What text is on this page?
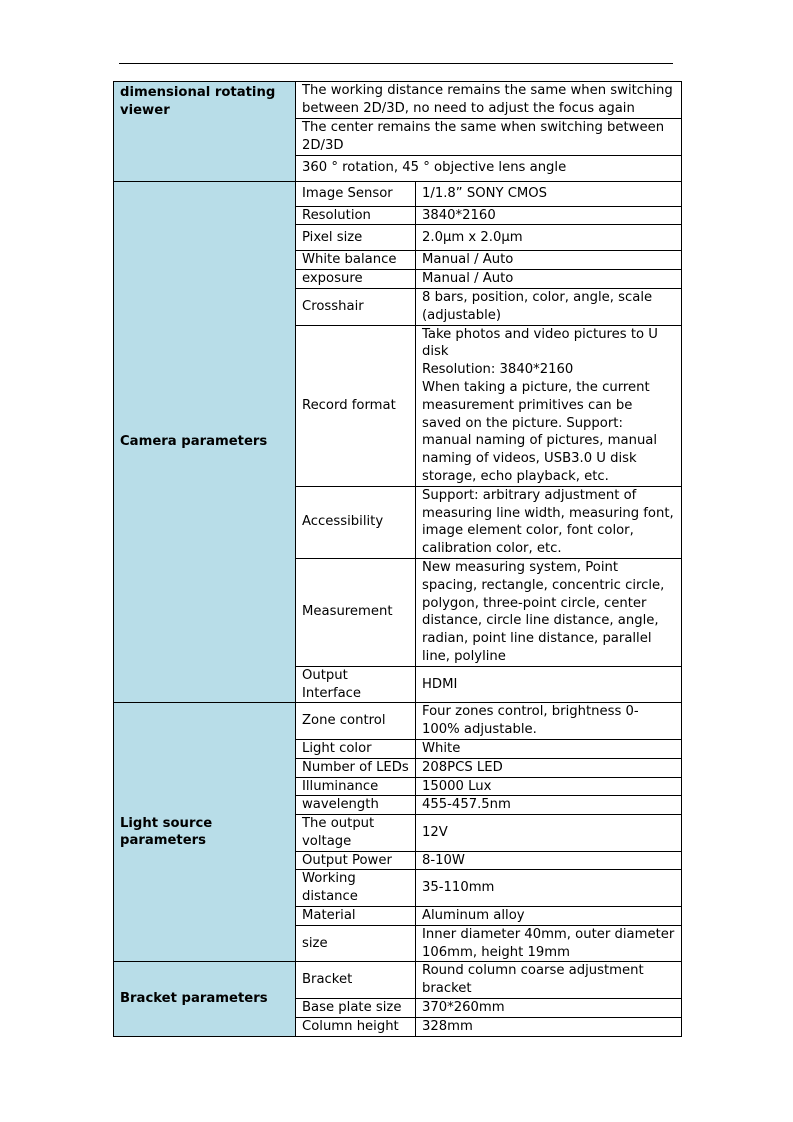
dimensional rotating viewer	The working distance remains the same when switching between 2D/3D, no need to adjust the focus again	
	The center remains the same when switching between 2D/3D	
	360 ° rotation, 45 ° objective lens angle	
Camera parameters	Image Sensor	1/1.8” SONY CMOS
	Resolution	3840*2160
	Pixel size	2.0μm x 2.0μm
	White balance	Manual / Auto
	exposure	Manual / Auto
	Crosshair	8 bars, position, color, angle, scale (adjustable)
	Record format	Take photos and video pictures to U disk
Resolution: 3840*2160
When taking a picture, the current measurement primitives can be saved on the picture. Support: manual naming of pictures, manual naming of videos, USB3.0 U disk storage, echo playback, etc.
	Accessibility	Support: arbitrary adjustment of measuring line width, measuring font, image element color, font color, calibration color, etc.
	Measurement	New measuring system, Point spacing, rectangle, concentric circle, polygon, three-point circle, center distance, circle line distance, angle, radian, point line distance, parallel line, polyline
	Output Interface	HDMI
Light source parameters	Zone control	Four zones control, brightness 0-100% adjustable.
	Light color	White
	Number of LEDs	208PCS LED
	Illuminance	15000 Lux
	wavelength	455-457.5nm
	The output voltage	12V
	Output Power	8-10W
	Working distance	35-110mm
	Material	Aluminum alloy
	size	Inner diameter 40mm, outer diameter 106mm, height 19mm
Bracket parameters	Bracket	Round column coarse adjustment bracket
	Base plate size	370*260mm
	Column height	328mm
